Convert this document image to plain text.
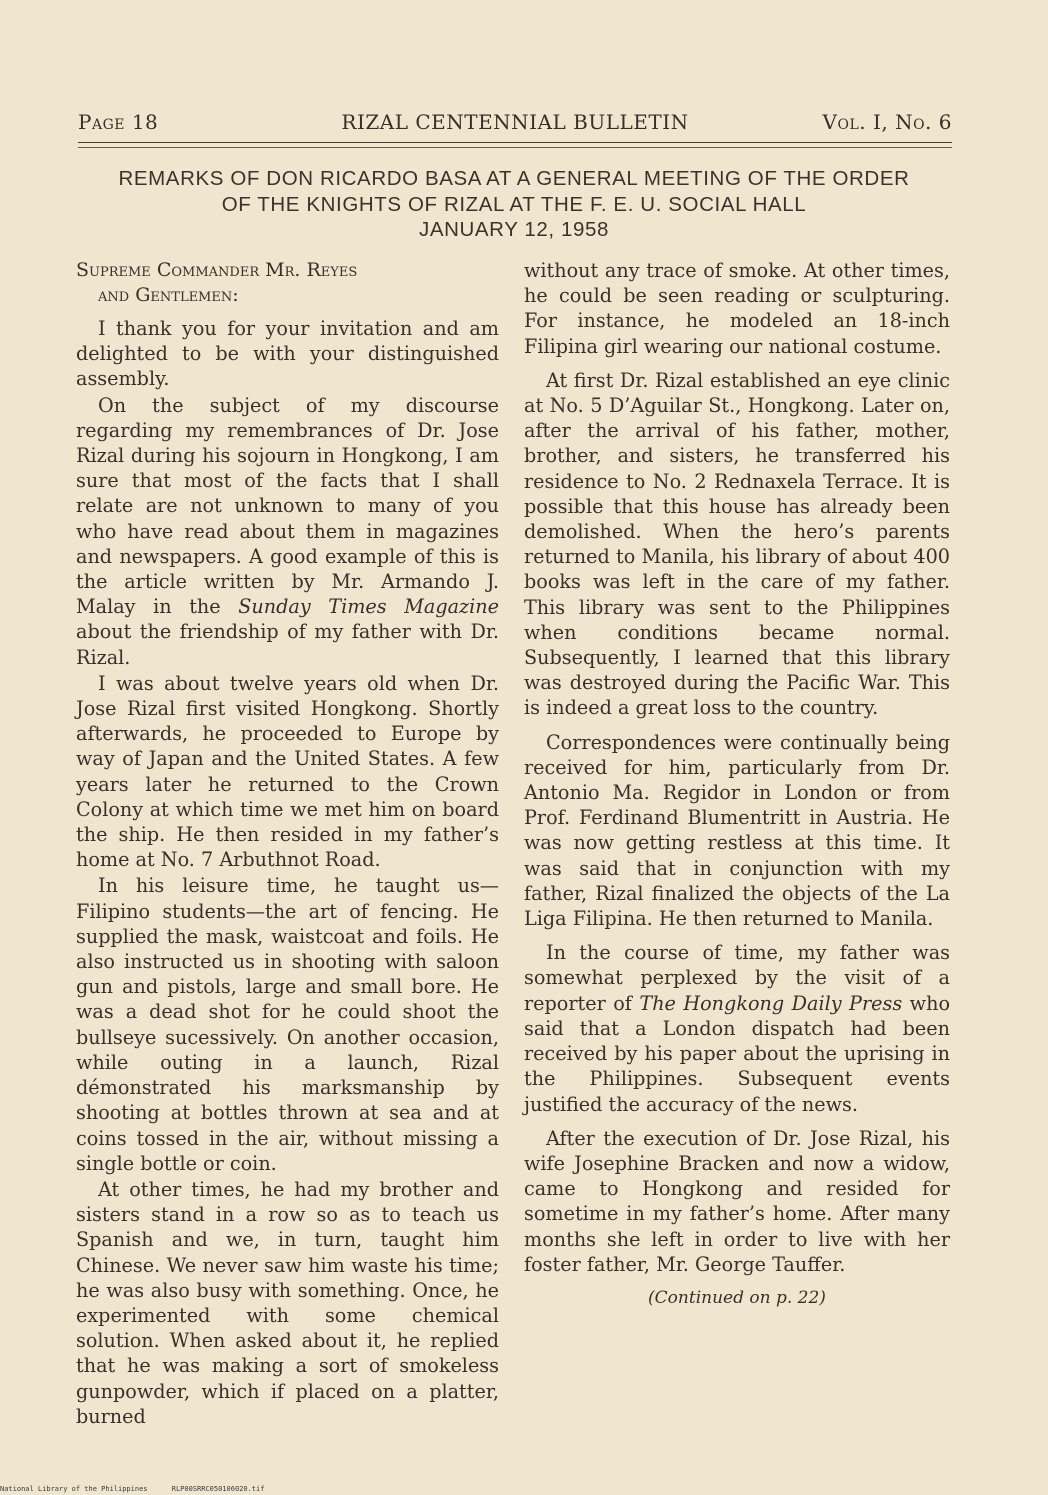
Page 18	RIZAL CENTENNIAL BULLETIN	Vol. I, No. 6
REMARKS OF DON RICARDO BASA AT A GENERAL MEETING OF THE ORDER
OF THE KNIGHTS OF RIZAL AT THE F. E. U. SOCIAL HALL
JANUARY 12, 1958
Supreme Commander Mr. Reyes
and Gentlemen:

I thank you for your invitation and am delighted to be with your distinguished assembly.

On the subject of my discourse regarding my remembrances of Dr. Jose Rizal during his sojourn in Hongkong, I am sure that most of the facts that I shall relate are not unknown to many of you who have read about them in magazines and newspapers. A good example of this is the article written by Mr. Armando J. Malay in the Sunday Times Magazine about the friendship of my father with Dr. Rizal.

I was about twelve years old when Dr. Jose Rizal first visited Hongkong. Shortly afterwards, he proceeded to Europe by way of Japan and the United States. A few years later he returned to the Crown Colony at which time we met him on board the ship. He then resided in my father’s home at No. 7 Arbuthnot Road.

In his leisure time, he taught us—Filipino students—the art of fencing. He supplied the mask, waistcoat and foils. He also instructed us in shooting with saloon gun and pistols, large and small bore. He was a dead shot for he could shoot the bullseye sucessively. On another occasion, while outing in a launch, Rizal démonstrated his marksmanship by shooting at bottles thrown at sea and at coins tossed in the air, without missing a single bottle or coin.

At other times, he had my brother and sisters stand in a row so as to teach us Spanish and we, in turn, taught him Chinese. We never saw him waste his time; he was also busy with something. Once, he experimented with some chemical solution. When asked about it, he replied that he was making a sort of smokeless gunpowder, which if placed on a platter, burned

without any trace of smoke. At other times, he could be seen reading or sculpturing. For instance, he modeled an 18-inch Filipina girl wearing our national costume.

At first Dr. Rizal established an eye clinic at No. 5 D’Aguilar St., Hongkong. Later on, after the arrival of his father, mother, brother, and sisters, he transferred his residence to No. 2 Rednaxela Terrace. It is possible that this house has already been demolished. When the hero’s parents returned to Manila, his library of about 400 books was left in the care of my father. This library was sent to the Philippines when conditions became normal. Subsequently, I learned that this library was destroyed during the Pacific War. This is indeed a great loss to the country.

Correspondences were continually being received for him, particularly from Dr. Antonio Ma. Regidor in London or from Prof. Ferdinand Blumentritt in Austria. He was now getting restless at this time. It was said that in conjunction with my father, Rizal finalized the objects of the La Liga Filipina. He then returned to Manila.

In the course of time, my father was somewhat perplexed by the visit of a reporter of The Hongkong Daily Press who said that a London dispatch had been received by his paper about the uprising in the Philippines. Subsequent events justified the accuracy of the news.

After the execution of Dr. Jose Rizal, his wife Josephine Bracken and now a widow, came to Hongkong and resided for sometime in my father’s home. After many months she left in order to live with her foster father, Mr. George Tauffer.

(Continued on p. 22)

National Library of the Philippines	RLP00SRRC050106020.tif
